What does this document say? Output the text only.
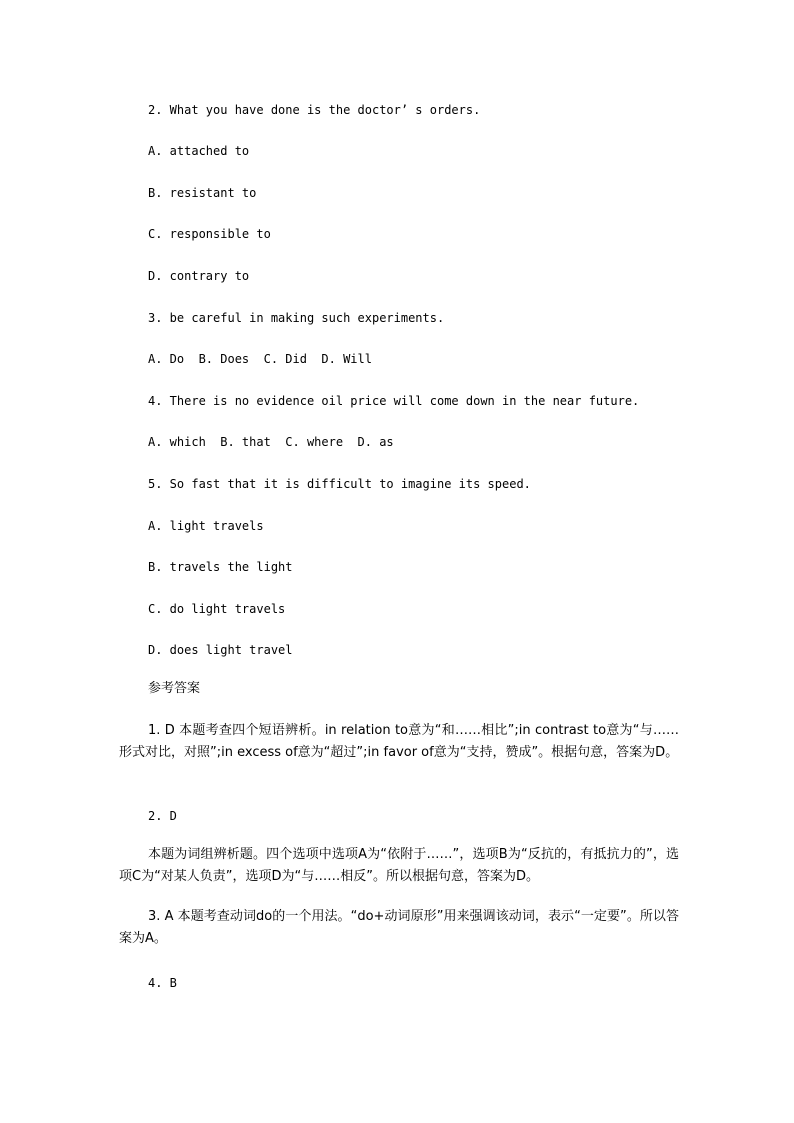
2. What you have done is the doctor’ s orders.
A. attached to
B. resistant to
C. responsible to
D. contrary to
3. be careful in making such experiments.
A. Do  B. Does  C. Did  D. Will
4. There is no evidence oil price will come down in the near future.
A. which  B. that  C. where  D. as
5. So fast that it is difficult to imagine its speed.
A. light travels
B. travels the light
C. do light travels
D. does light travel
参考答案
1. D 本题考查四个短语辨析。in relation to意为“和……相比”;in contrast to意为“与……形式对比，对照”;in excess of意为“超过”;in favor of意为“支持，赞成”。根据句意，答案为D。
2. D
本题为词组辨析题。四个选项中选项A为“依附于……”，选项B为“反抗的，有抵抗力的”，选项C为“对某人负责”，选项D为“与……相反”。所以根据句意，答案为D。
3. A 本题考查动词do的一个用法。“do+动词原形”用来强调该动词，表示“一定要”。所以答案为A。
4. B
